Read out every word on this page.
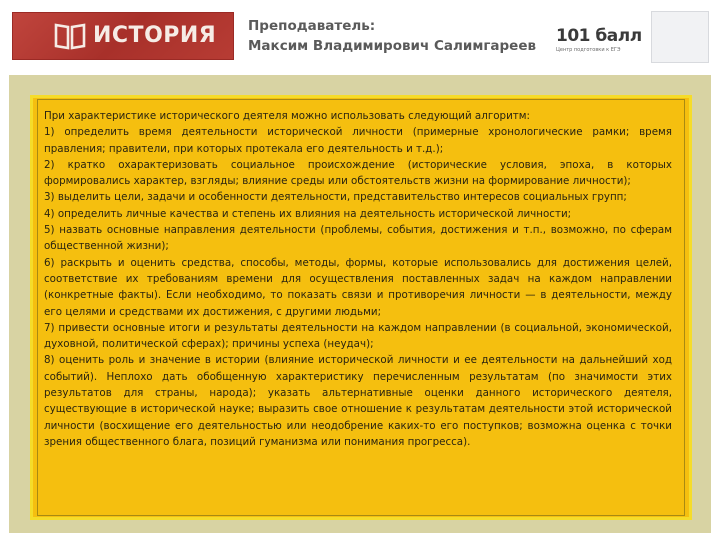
ИСТОРИЯ Преподаватель:
Максим Владимирович Салимгареев 101 балл
Центр подготовки к ЕГЭ

При характеристике исторического деятеля можно использовать следующий алгоритм:

1) определить время деятельности исторической личности (примерные хронологические рамки; время правления; правители, при которых протекала его деятельность и т.д.);

2) кратко охарактеризовать социальное происхождение (исторические условия, эпоха, в которых формировались характер, взгляды; влияние среды или обстоятельств жизни на формирование личности);

3) выделить цели, задачи и особенности деятельности, представительство интересов социальных групп;

4) определить личные качества и степень их влияния на деятельность исторической личности;

5) назвать основные направления деятельности (проблемы, события, достижения и т.п., возможно, по сферам общественной жизни);

6) раскрыть и оценить средства, способы, методы, формы, которые использовались для достижения целей, соответствие их требованиям времени для осуществления поставленных задач на каждом направлении (конкретные факты). Если необходимо, то показать связи и противоречия личности — в деятельности, между его целями и средствами их достижения, с другими людьми;

7) привести основные итоги и результаты деятельности на каждом направлении (в социальной, экономической, духовной, политической сферах); причины успеха (неудач);

8) оценить роль и значение в истории (влияние исторической личности и ее деятельности на дальнейший ход событий). Неплохо дать обобщенную характеристику перечисленным результатам (по значимости этих результатов для страны, народа); указать альтернативные оценки данного исторического деятеля, существующие в исторической науке; выразить свое отношение к результатам деятельности этой исторической личности (восхищение его деятельностью или неодобрение каких-то его поступков; возможна оценка с точки зрения общественного блага, позиций гуманизма или понимания прогресса).
